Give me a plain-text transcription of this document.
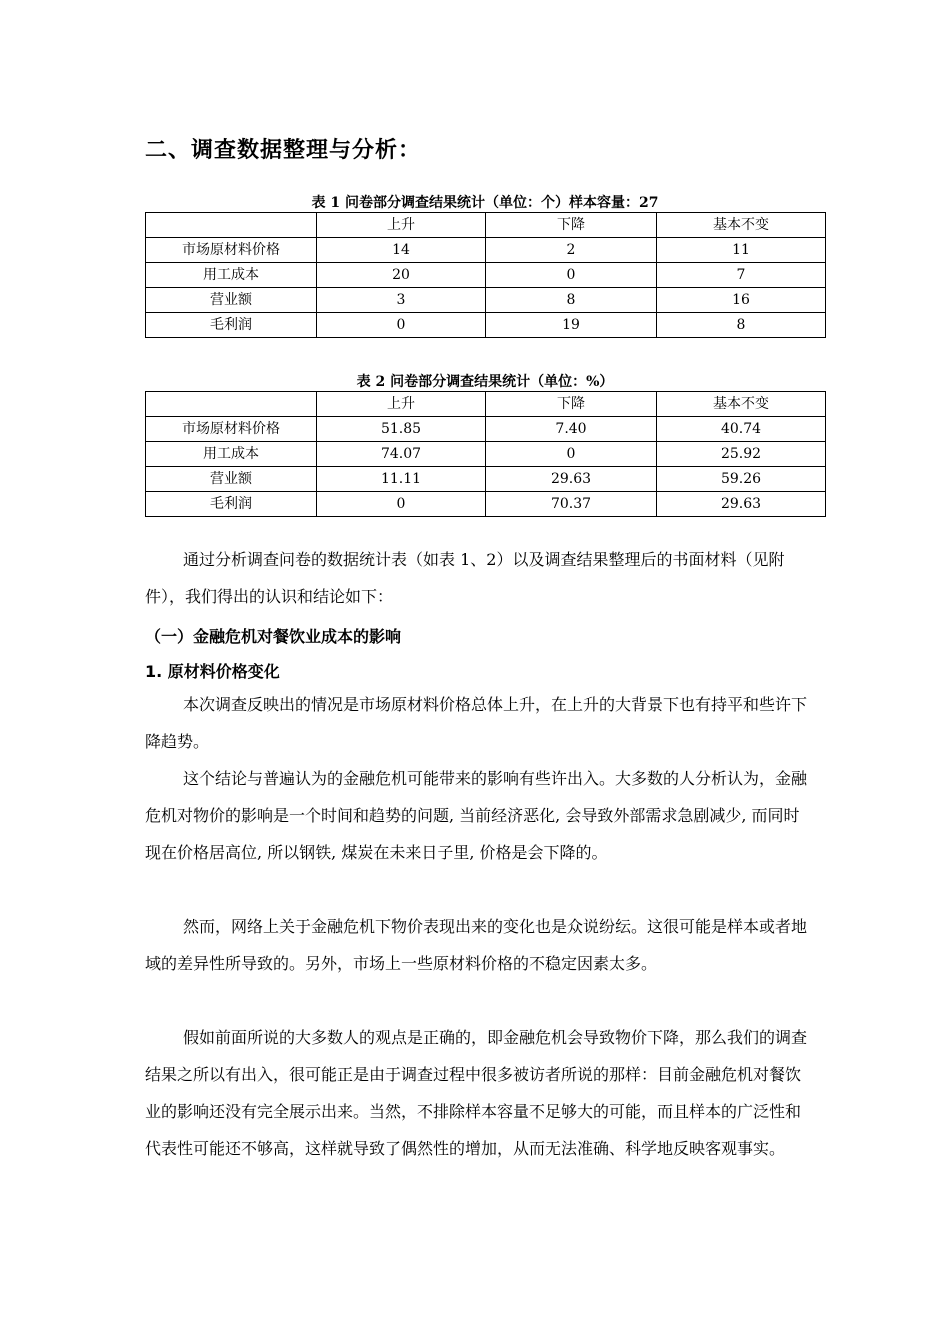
二、调查数据整理与分析：

表 1 问卷部分调查结果统计（单位：个）样本容量：27

	上升	下降	基本不变
市场原材料价格	14	2	11
用工成本	20	0	7
营业额	3	8	16
毛利润	0	19	8

表 2 问卷部分调查结果统计（单位：%）

	上升	下降	基本不变
市场原材料价格	51.85	7.40	40.74
用工成本	74.07	0	25.92
营业额	11.11	29.63	59.26
毛利润	0	70.37	29.63

通过分析调查问卷的数据统计表（如表 1、2）以及调查结果整理后的书面材料（见附件），我们得出的认识和结论如下：

（一）金融危机对餐饮业成本的影响

1. 原材料价格变化

本次调查反映出的情况是市场原材料价格总体上升，在上升的大背景下也有持平和些许下降趋势。

这个结论与普遍认为的金融危机可能带来的影响有些许出入。大多数的人分析认为，金融危机对物价的影响是一个时间和趋势的问题, 当前经济恶化, 会导致外部需求急剧减少, 而同时现在价格居高位, 所以钢铁, 煤炭在未来日子里, 价格是会下降的。

然而，网络上关于金融危机下物价表现出来的变化也是众说纷纭。这很可能是样本或者地域的差异性所导致的。另外，市场上一些原材料价格的不稳定因素太多。

假如前面所说的大多数人的观点是正确的，即金融危机会导致物价下降，那么我们的调查结果之所以有出入，很可能正是由于调查过程中很多被访者所说的那样：目前金融危机对餐饮业的影响还没有完全展示出来。当然，不排除样本容量不足够大的可能，而且样本的广泛性和代表性可能还不够高，这样就导致了偶然性的增加，从而无法准确、科学地反映客观事实。
